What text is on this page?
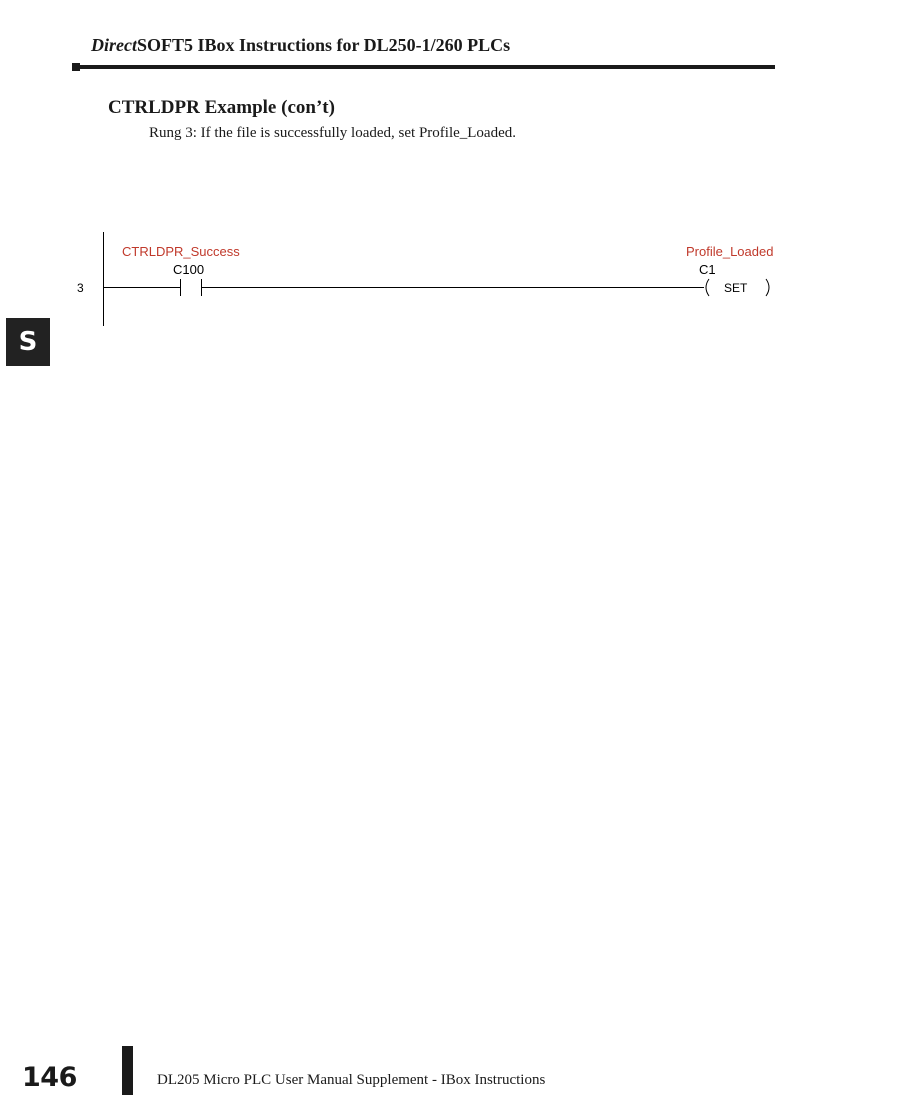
DirectSOFT5 IBox Instructions for DL250-1/260 PLCs
CTRLDPR Example (con’t)
Rung 3: If the file is successfully loaded, set Profile_Loaded.
3
CTRLDPR_Success
C100
Profile_Loaded
C1
SET
S
146	DL205 Micro PLC User Manual Supplement - IBox Instructions
